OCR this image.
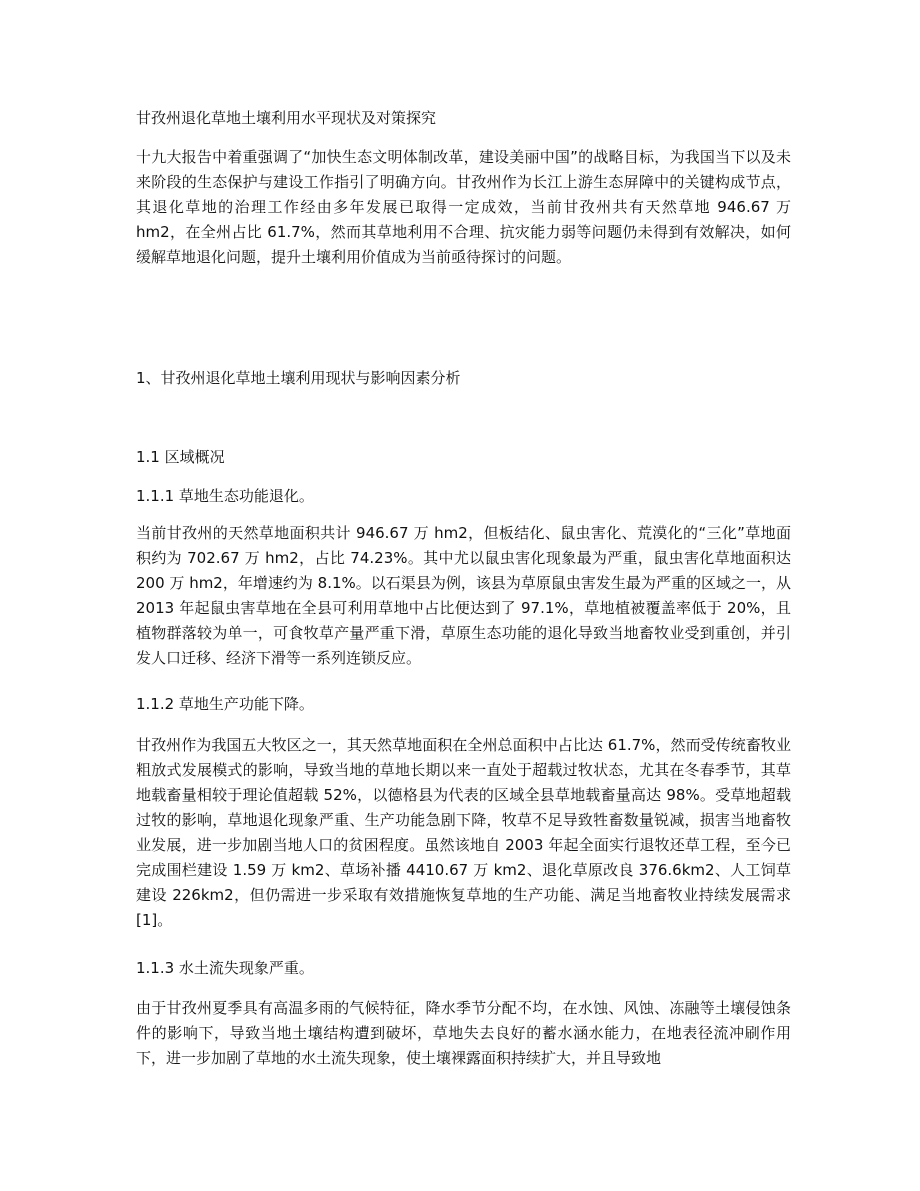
甘孜州退化草地土壤利用水平现状及对策探究

十九大报告中着重强调了“加快生态文明体制改革，建设美丽中国”的战略目标，为我国当下以及未来阶段的生态保护与建设工作指引了明确方向。甘孜州作为长江上游生态屏障中的关键构成节点，其退化草地的治理工作经由多年发展已取得一定成效，当前甘孜州共有天然草地 946.67 万 hm2，在全州占比 61.7%，然而其草地利用不合理、抗灾能力弱等问题仍未得到有效解决，如何缓解草地退化问题，提升土壤利用价值成为当前亟待探讨的问题。

1、甘孜州退化草地土壤利用现状与影响因素分析
1.1 区域概况
1.1.1 草地生态功能退化。

当前甘孜州的天然草地面积共计 946.67 万 hm2，但板结化、鼠虫害化、荒漠化的“三化”草地面积约为 702.67 万 hm2，占比 74.23%。其中尤以鼠虫害化现象最为严重，鼠虫害化草地面积达 200 万 hm2，年增速约为 8.1%。以石渠县为例，该县为草原鼠虫害发生最为严重的区域之一，从 2013 年起鼠虫害草地在全县可利用草地中占比便达到了 97.1%，草地植被覆盖率低于 20%，且植物群落较为单一，可食牧草产量严重下滑，草原生态功能的退化导致当地畜牧业受到重创，并引发人口迁移、经济下滑等一系列连锁反应。

1.1.2 草地生产功能下降。

甘孜州作为我国五大牧区之一，其天然草地面积在全州总面积中占比达 61.7%，然而受传统畜牧业粗放式发展模式的影响，导致当地的草地长期以来一直处于超载过牧状态，尤其在冬春季节，其草地载畜量相较于理论值超载 52%，以德格县为代表的区域全县草地载畜量高达 98%。受草地超载过牧的影响，草地退化现象严重、生产功能急剧下降，牧草不足导致牲畜数量锐减，损害当地畜牧业发展，进一步加剧当地人口的贫困程度。虽然该地自 2003 年起全面实行退牧还草工程，至今已完成围栏建设 1.59 万 km2、草场补播 4410.67 万 km2、退化草原改良 376.6km2、人工饲草建设 226km2，但仍需进一步采取有效措施恢复草地的生产功能、满足当地畜牧业持续发展需求[1]。

1.1.3 水土流失现象严重。

由于甘孜州夏季具有高温多雨的气候特征，降水季节分配不均，在水蚀、风蚀、冻融等土壤侵蚀条件的影响下，导致当地土壤结构遭到破坏，草地失去良好的蓄水涵水能力，在地表径流冲刷作用下，进一步加剧了草地的水土流失现象，使土壤裸露面积持续扩大，并且导致地
